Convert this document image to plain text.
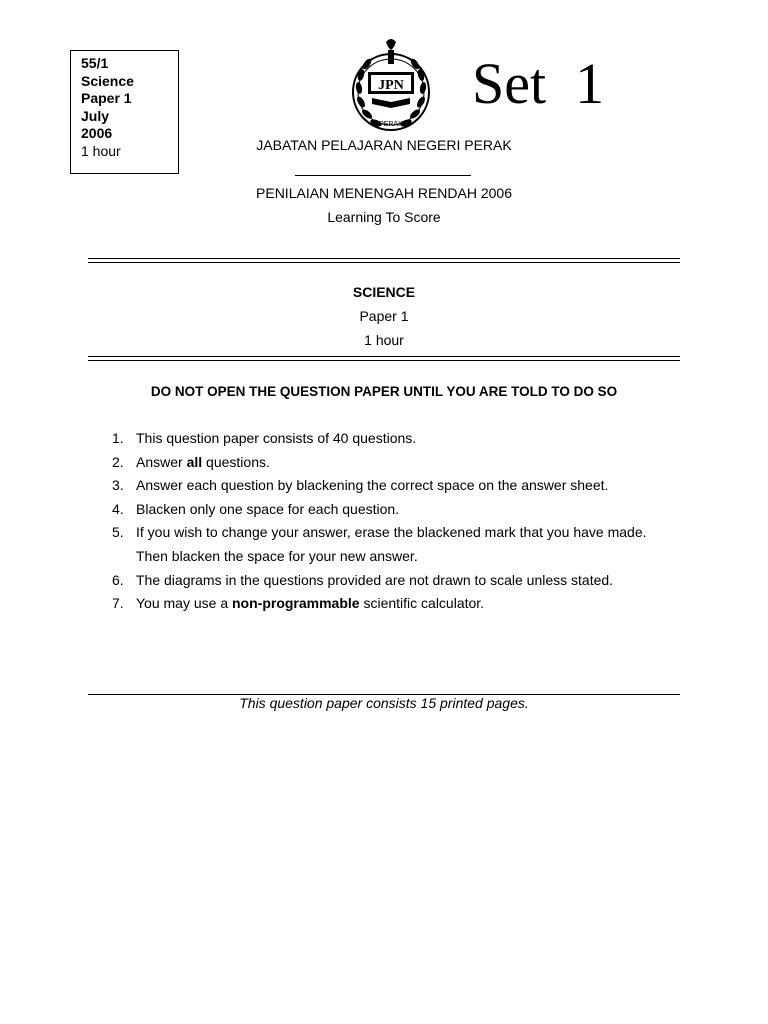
55/1
Science
Paper 1
July
2006
1 hour
JPN
PERAK
Set  1
JABATAN PELAJARAN NEGERI PERAK
PENILAIAN MENENGAH RENDAH 2006
Learning To Score
SCIENCE
Paper 1
1 hour
DO NOT OPEN THE QUESTION PAPER UNTIL YOU ARE TOLD TO DO SO
1. This question paper consists of 40 questions.
2. Answer all questions.
3. Answer each question by blackening the correct space on the answer sheet.
4. Blacken only one space for each question.
5. If you wish to change your answer, erase the blackened mark that you have made. Then blacken the space for your new answer.
6. The diagrams in the questions provided are not drawn to scale unless stated.
7. You may use a non-programmable scientific calculator.
This question paper consists 15 printed pages.
